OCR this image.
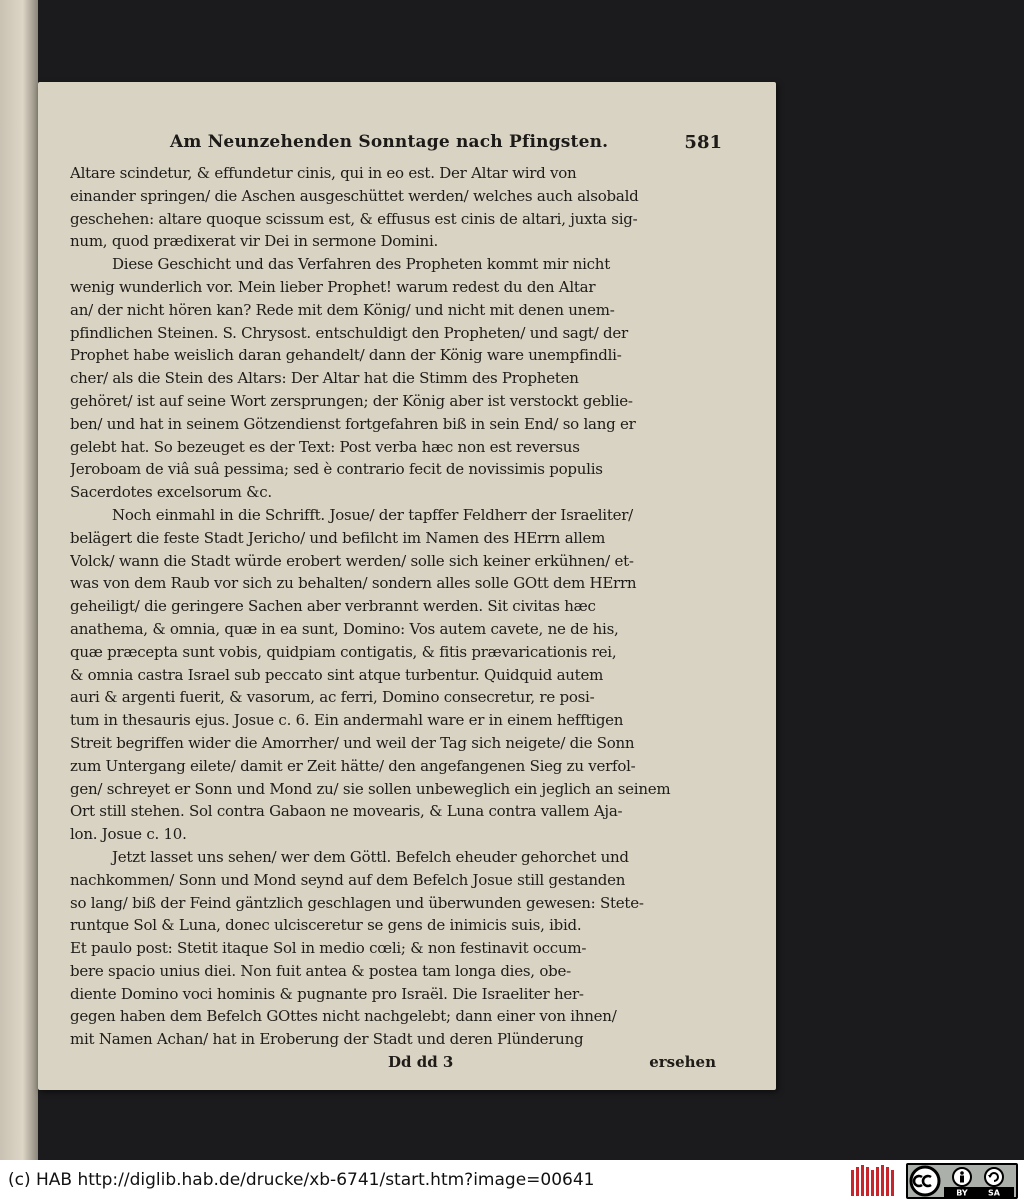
Am Neunzehenden Sonntage nach Pfingsten.	581
Altare scindetur, & effundetur cinis, qui in eo est. Der Altar wird von
einander springen/ die Aschen ausgeschüttet werden/ welches auch alsobald
geschehen: altare quoque scissum est, & effusus est cinis de altari, juxta sig-
num, quod prædixerat vir Dei in sermone Domini.
Diese Geschicht und das Verfahren des Propheten kommt mir nicht
wenig wunderlich vor. Mein lieber Prophet! warum redest du den Altar
an/ der nicht hören kan? Rede mit dem König/ und nicht mit denen unem-
pfindlichen Steinen. S. Chrysost. entschuldigt den Propheten/ und sagt/ der
Prophet habe weislich daran gehandelt/ dann der König ware unempfindli-
cher/ als die Stein des Altars: Der Altar hat die Stimm des Propheten
gehöret/ ist auf seine Wort zersprungen; der König aber ist verstockt geblie-
ben/ und hat in seinem Götzendienst fortgefahren biß in sein End/ so lang er
gelebt hat. So bezeuget es der Text: Post verba hæc non est reversus
Jeroboam de viâ suâ pessima; sed è contrario fecit de novissimis populis
Sacerdotes excelsorum &c.
Noch einmahl in die Schrifft. Josue/ der tapffer Feldherr der Israeliter/
belägert die feste Stadt Jericho/ und befilcht im Namen des HErrn allem
Volck/ wann die Stadt würde erobert werden/ solle sich keiner erkühnen/ et-
was von dem Raub vor sich zu behalten/ sondern alles solle GOtt dem HErrn
geheiligt/ die geringere Sachen aber verbrannt werden. Sit civitas hæc
anathema, & omnia, quæ in ea sunt, Domino: Vos autem cavete, ne de his,
quæ præcepta sunt vobis, quidpiam contigatis, & fitis prævaricationis rei,
& omnia castra Israel sub peccato sint atque turbentur. Quidquid autem
auri & argenti fuerit, & vasorum, ac ferri, Domino consecretur, re posi-
tum in thesauris ejus. Josue c. 6. Ein andermahl ware er in einem hefftigen
Streit begriffen wider die Amorrher/ und weil der Tag sich neigete/ die Sonn
zum Untergang eilete/ damit er Zeit hätte/ den angefangenen Sieg zu verfol-
gen/ schreyet er Sonn und Mond zu/ sie sollen unbeweglich ein jeglich an seinem
Ort still stehen. Sol contra Gabaon ne movearis, & Luna contra vallem Aja-
lon. Josue c. 10.
Jetzt lasset uns sehen/ wer dem Göttl. Befelch eheuder gehorchet und
nachkommen/ Sonn und Mond seynd auf dem Befelch Josue still gestanden
so lang/ biß der Feind gäntzlich geschlagen und überwunden gewesen: Stete-
runtque Sol & Luna, donec ulcisceretur se gens de inimicis suis, ibid.
Et paulo post: Stetit itaque Sol in medio cœli; & non festinavit occum-
bere spacio unius diei. Non fuit antea & postea tam longa dies, obe-
diente Domino voci hominis & pugnante pro Israël. Die Israeliter her-
gegen haben dem Befelch GOttes nicht nachgelebt; dann einer von ihnen/
mit Namen Achan/ hat in Eroberung der Stadt und deren Plünderung
Dd dd 3	ersehen
(c) HAB http://diglib.hab.de/drucke/xb-6741/start.htm?image=00641
BY	SA
